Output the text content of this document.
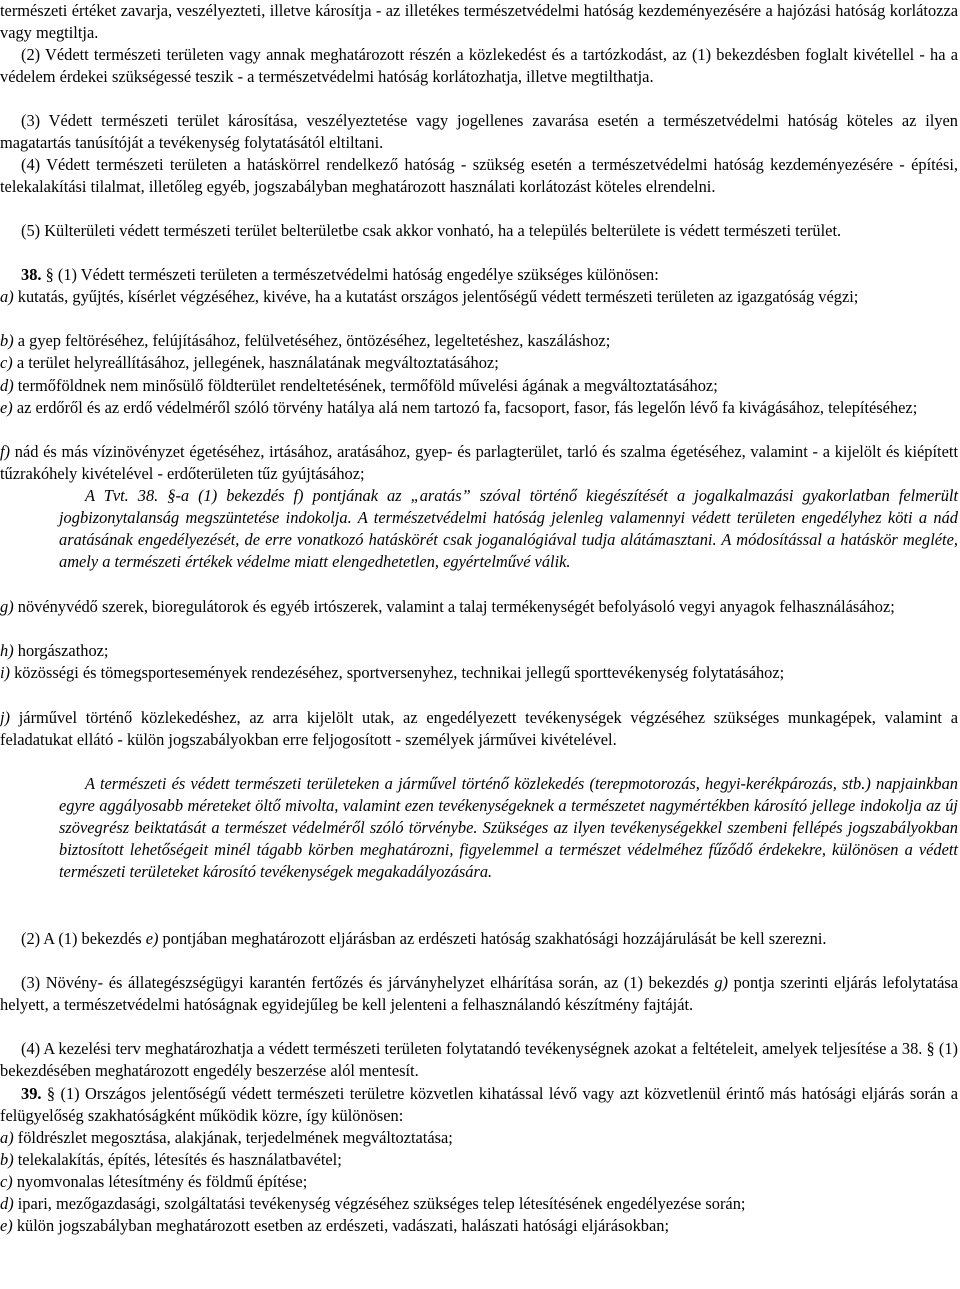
természeti értéket zavarja, veszélyezteti, illetve károsítja - az illetékes természetvédelmi hatóság kezdeményezésére a hajózási hatóság korlátozza vagy megtiltja.

(2) Védett természeti területen vagy annak meghatározott részén a közlekedést és a tartózkodást, az (1) bekezdésben foglalt kivétellel - ha a védelem érdekei szükségessé teszik - a természetvédelmi hatóság korlátozhatja, illetve megtilthatja.

(3) Védett természeti terület károsítása, veszélyeztetése vagy jogellenes zavarása esetén a természetvédelmi hatóság köteles az ilyen magatartás tanúsítóját a tevékenység folytatásától eltiltani.

(4) Védett természeti területen a hatáskörrel rendelkező hatóság - szükség esetén a természetvédelmi hatóság kezdeményezésére - építési, telekalakítási tilalmat, illetőleg egyéb, jogszabályban meghatározott használati korlátozást köteles elrendelni.

(5) Külterületi védett természeti terület belterületbe csak akkor vonható, ha a település belterülete is védett természeti terület.

38. § (1) Védett természeti területen a természetvédelmi hatóság engedélye szükséges különösen:

a) kutatás, gyűjtés, kísérlet végzéséhez, kivéve, ha a kutatást országos jelentőségű védett természeti területen az igazgatóság végzi;

b) a gyep feltöréséhez, felújításához, felülvetéséhez, öntözéséhez, legeltetéshez, kaszáláshoz;

c) a terület helyreállításához, jellegének, használatának megváltoztatásához;

d) termőföldnek nem minősülő földterület rendeltetésének, termőföld művelési ágának a megváltoztatásához;

e) az erdőről és az erdő védelméről szóló törvény hatálya alá nem tartozó fa, facsoport, fasor, fás legelőn lévő fa kivágásához, telepítéséhez;

f) nád és más vízinövényzet égetéséhez, irtásához, aratásához, gyep- és parlagterület, tarló és szalma égetéséhez, valamint - a kijelölt és kiépített tűzrakóhely kivételével - erdőterületen tűz gyújtásához;

A Tvt. 38. §-a (1) bekezdés f) pontjának az „aratás” szóval történő kiegészítését a jogalkalmazási gyakorlatban felmerült jogbizonytalanság megszüntetése indokolja. A természetvédelmi hatóság jelenleg valamennyi védett területen engedélyhez köti a nád aratásának engedélyezését, de erre vonatkozó hatáskörét csak joganalógiával tudja alátámasztani. A módosítással a hatáskör megléte, amely a természeti értékek védelme miatt elengedhetetlen, egyértelművé válik.

g) növényvédő szerek, bioregulátorok és egyéb irtószerek, valamint a talaj termékenységét befolyásoló vegyi anyagok felhasználásához;

h) horgászathoz;

i) közösségi és tömegsportesemények rendezéséhez, sportversenyhez, technikai jellegű sporttevékenység folytatásához;

j) járművel történő közlekedéshez, az arra kijelölt utak, az engedélyezett tevékenységek végzéséhez szükséges munkagépek, valamint a feladatukat ellátó - külön jogszabályokban erre feljogosított - személyek járművei kivételével.

A természeti és védett természeti területeken a járművel történő közlekedés (terepmotorozás, hegyi-kerékpározás, stb.) napjainkban egyre aggályosabb méreteket öltő mivolta, valamint ezen tevékenységeknek a természetet nagymértékben károsító jellege indokolja az új szövegrész beiktatását a természet védelméről szóló törvénybe. Szükséges az ilyen tevékenységekkel szembeni fellépés jogszabályokban biztosított lehetőségeit minél tágabb körben meghatározni, figyelemmel a természet védelméhez fűződő érdekekre, különösen a védett természeti területeket károsító tevékenységek megakadályozására.

(2) A (1) bekezdés e) pontjában meghatározott eljárásban az erdészeti hatóság szakhatósági hozzájárulását be kell szerezni.

(3) Növény- és állategészségügyi karantén fertőzés és járványhelyzet elhárítása során, az (1) bekezdés g) pontja szerinti eljárás lefolytatása helyett, a természetvédelmi hatóságnak egyidejűleg be kell jelenteni a felhasználandó készítmény fajtáját.

(4) A kezelési terv meghatározhatja a védett természeti területen folytatandó tevékenységnek azokat a feltételeit, amelyek teljesítése a 38. § (1) bekezdésében meghatározott engedély beszerzése alól mentesít.

39. § (1) Országos jelentőségű védett természeti területre közvetlen kihatással lévő vagy azt közvetlenül érintő más hatósági eljárás során a felügyelőség szakhatóságként működik közre, így különösen:

a) földrészlet megosztása, alakjának, terjedelmének megváltoztatása;

b) telekalakítás, építés, létesítés és használatbavétel;

c) nyomvonalas létesítmény és földmű építése;

d) ipari, mezőgazdasági, szolgáltatási tevékenység végzéséhez szükséges telep létesítésének engedélyezése során;

e) külön jogszabályban meghatározott esetben az erdészeti, vadászati, halászati hatósági eljárásokban;
